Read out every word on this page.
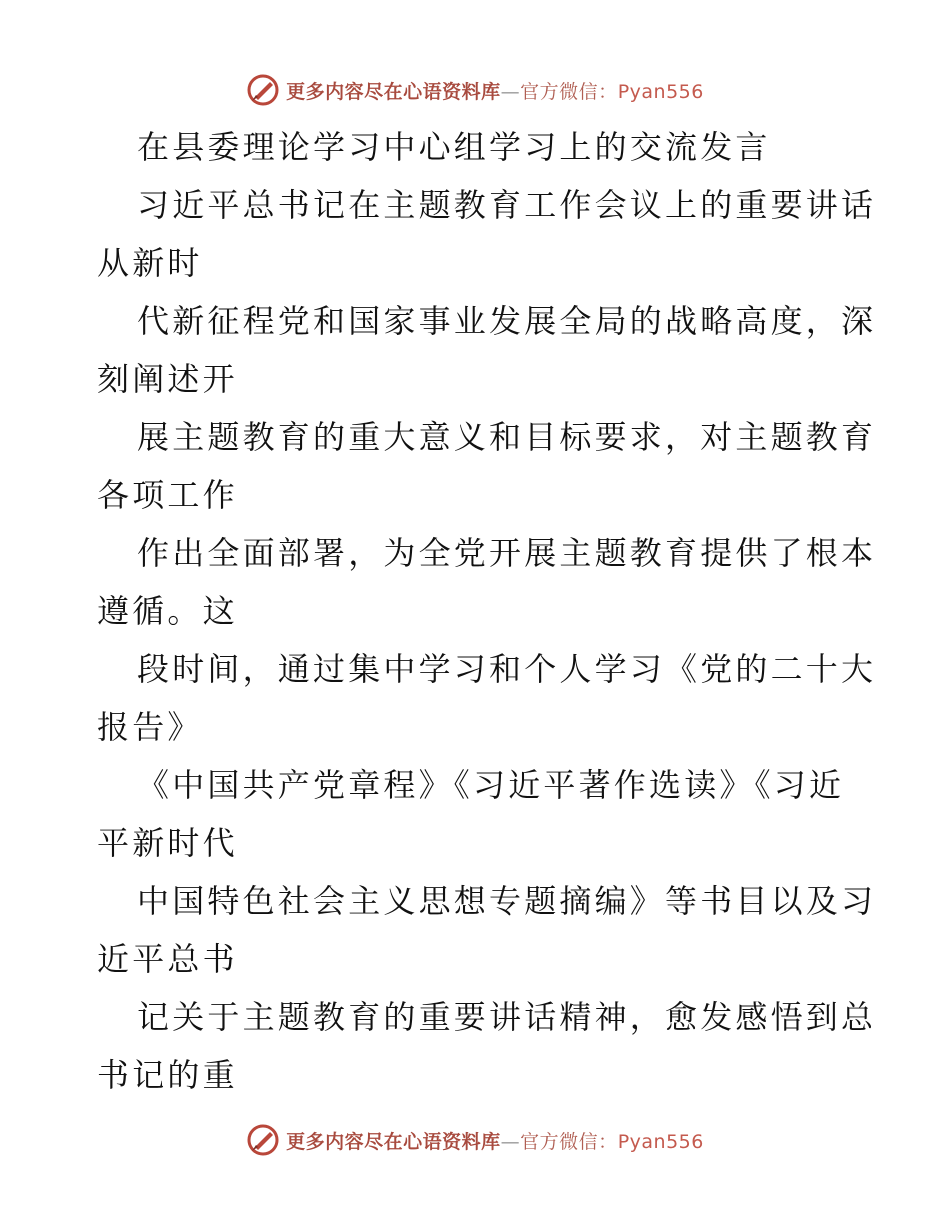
更多内容尽在心语资料库—官方微信：Pyan556
在县委理论学习中心组学习上的交流发言
习近平总书记在主题教育工作会议上的重要讲话
从新时
代新征程党和国家事业发展全局的战略高度，深
刻阐述开
展主题教育的重大意义和目标要求，对主题教育
各项工作
作出全面部署，为全党开展主题教育提供了根本
遵循。这
段时间，通过集中学习和个人学习《党的二十大
报告》
《中国共产党章程》《习近平著作选读》《习近
平新时代
中国特色社会主义思想专题摘编》等书目以及习
近平总书
记关于主题教育的重要讲话精神，愈发感悟到总
书记的重
更多内容尽在心语资料库—官方微信：Pyan556
